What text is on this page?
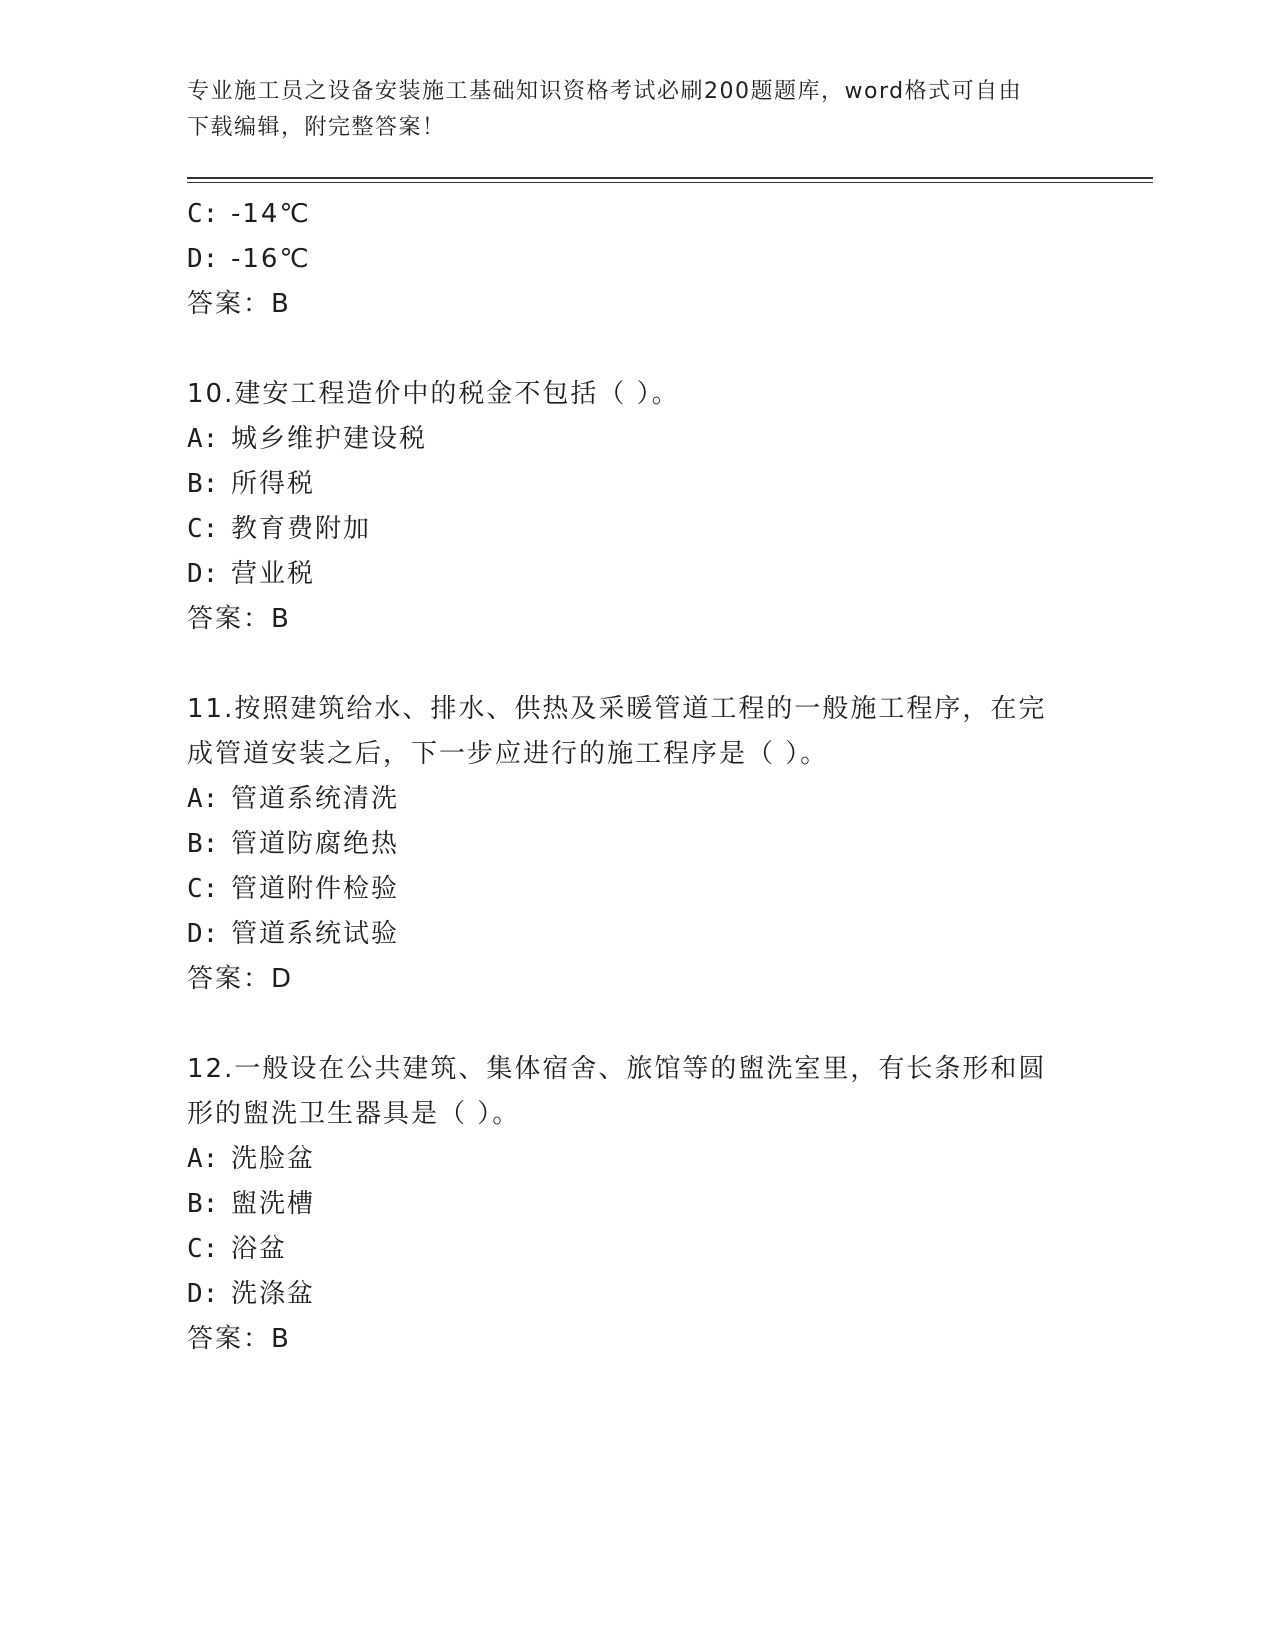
专业施工员之设备安装施工基础知识资格考试必刷200题题库，word格式可自由
下载编辑，附完整答案！
C: -14℃
D: -16℃
答案：B
10.建安工程造价中的税金不包括（ ）。
A: 城乡维护建设税
B: 所得税
C: 教育费附加
D: 营业税
答案：B
11.按照建筑给水、排水、供热及采暖管道工程的一般施工程序，在完
成管道安装之后，下一步应进行的施工程序是（ ）。
A: 管道系统清洗
B: 管道防腐绝热
C: 管道附件检验
D: 管道系统试验
答案：D
12.一般设在公共建筑、集体宿舍、旅馆等的盥洗室里，有长条形和圆
形的盥洗卫生器具是（ ）。
A: 洗脸盆
B: 盥洗槽
C: 浴盆
D: 洗涤盆
答案：B
